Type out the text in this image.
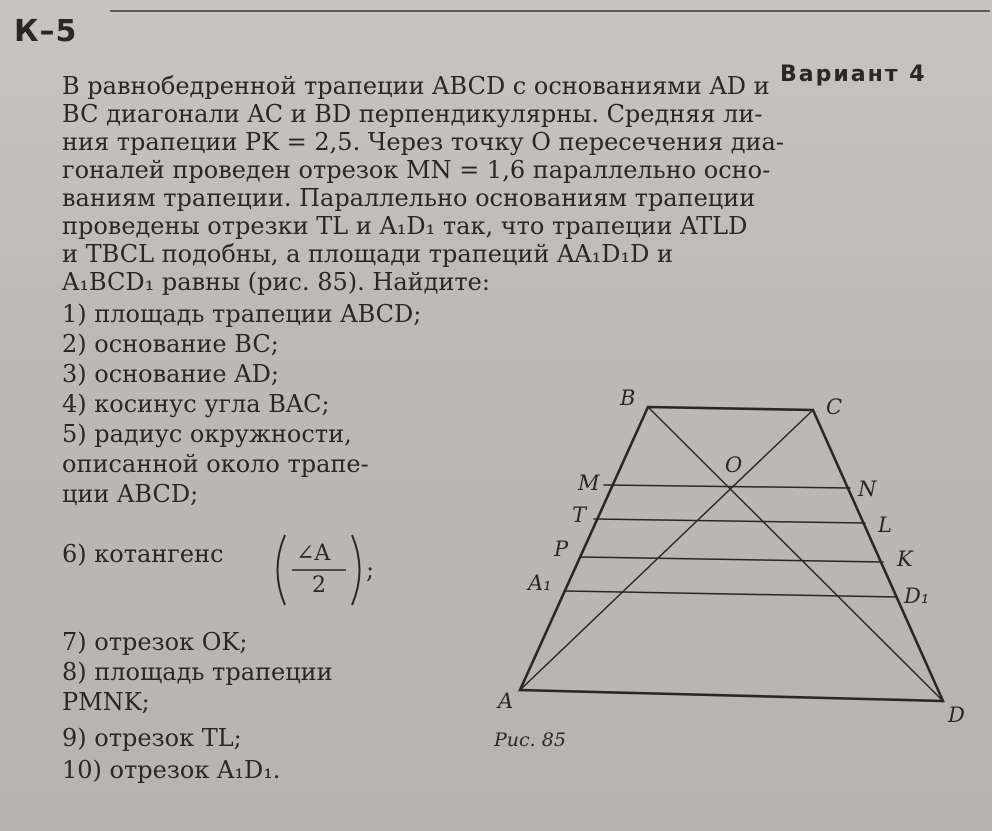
К–5
Вариант 4
В равнобедренной трапеции ABCD с основаниями AD и
BC диагонали AC и BD перпендикулярны. Средняя ли-
ния трапеции PK = 2,5. Через точку O пересечения диа-
гоналей проведен отрезок MN = 1,6 параллельно осно-
ваниям трапеции. Параллельно основаниям трапеции
проведены отрезки TL и A₁D₁ так, что трапеции ATLD
и TBCL подобны, а площади трапеций AA₁D₁D и
A₁BCD₁ равны (рис. 85). Найдите:
1) площадь трапеции ABCD;
2) основание BC;
3) основание AD;
4) косинус угла BAC;
5) радиус окружности,
описанной около трапе-
ции ABCD;
6) котангенс	∠A
2
;
7) отрезок OK;
8) площадь трапеции
PMNK;
9) отрезок TL;
10) отрезок A₁D₁.
B	C
O
M	N
T	L
P	K
A₁
D₁
A
D
Рис. 85
